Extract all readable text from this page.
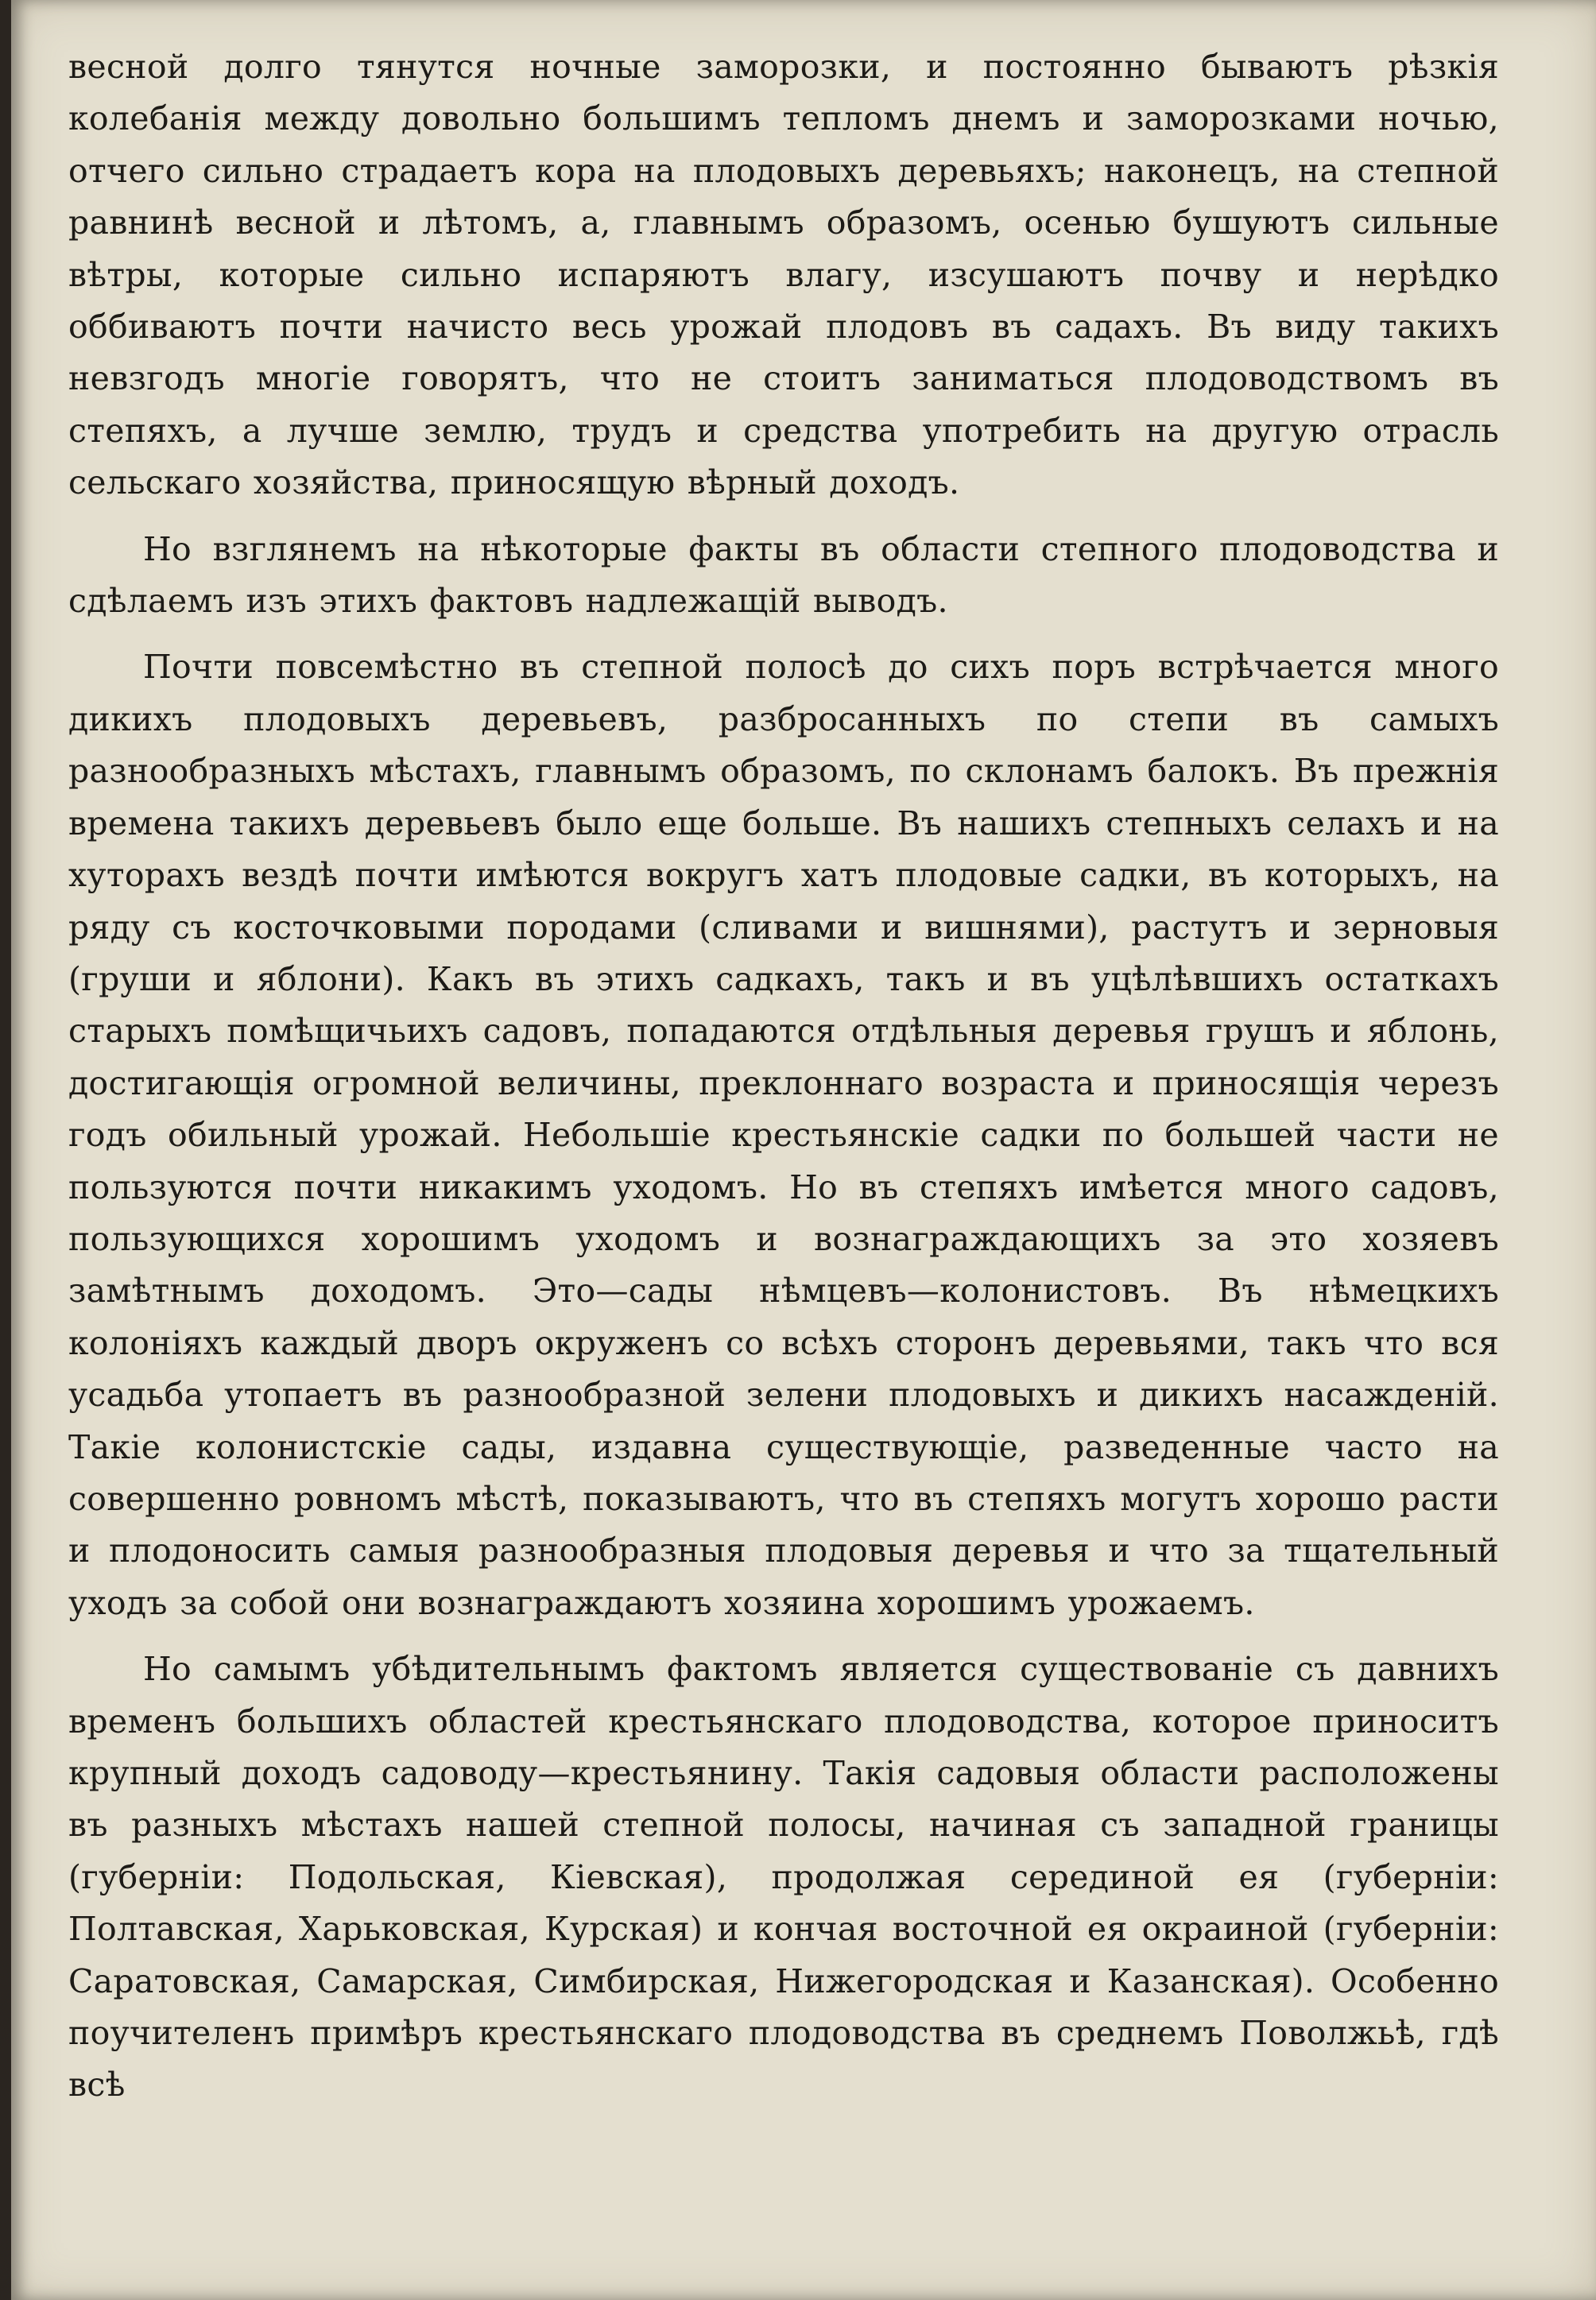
весной долго тянутся ночные заморозки, и постоянно бываютъ рѣзкія колебанія между довольно большимъ тепломъ днемъ и заморозками ночью, отчего сильно страдаетъ кора на плодовыхъ деревьяхъ; наконецъ, на степной равнинѣ весной и лѣтомъ, а, главнымъ образомъ, осенью бушуютъ сильные вѣтры, которые сильно испаряютъ влагу, изсушаютъ почву и нерѣдко оббиваютъ почти начисто весь урожай плодовъ въ садахъ. Въ виду такихъ невзгодъ многіе говорятъ, что не стоитъ заниматься плодоводствомъ въ степяхъ, а лучше землю, трудъ и средства употребить на другую отрасль сельскаго хозяйства, приносящую вѣрный доходъ.

Но взглянемъ на нѣкоторые факты въ области степного плодоводства и сдѣлаемъ изъ этихъ фактовъ надлежащій выводъ.

Почти повсемѣстно въ степной полосѣ до сихъ поръ встрѣчается много дикихъ плодовыхъ деревьевъ, разбросанныхъ по степи въ самыхъ разнообразныхъ мѣстахъ, главнымъ образомъ, по склонамъ балокъ. Въ прежнія времена такихъ деревьевъ было еще больше. Въ нашихъ степныхъ селахъ и на хуторахъ вездѣ почти имѣются вокругъ хатъ плодовые садки, въ которыхъ, на ряду съ косточковыми породами (сливами и вишнями), растутъ и зерновыя (груши и яблони). Какъ въ этихъ садкахъ, такъ и въ уцѣлѣвшихъ остаткахъ старыхъ помѣщичьихъ садовъ, попадаются отдѣльныя деревья грушъ и яблонь, достигающія огромной величины, преклоннаго возраста и приносящія черезъ годъ обильный урожай. Небольшіе крестьянскіе садки по большей части не пользуются почти никакимъ уходомъ. Но въ степяхъ имѣется много садовъ, пользующихся хорошимъ уходомъ и вознаграждающихъ за это хозяевъ замѣтнымъ доходомъ. Это—сады нѣмцевъ—колонистовъ. Въ нѣмецкихъ колоніяхъ каждый дворъ окруженъ со всѣхъ сторонъ деревьями, такъ что вся усадьба утопаетъ въ разнообразной зелени плодовыхъ и дикихъ насажденій. Такіе колонистскіе сады, издавна существующіе, разведенные часто на совершенно ровномъ мѣстѣ, показываютъ, что въ степяхъ могутъ хорошо расти и плодоносить самыя разнообразныя плодовыя деревья и что за тщательный уходъ за собой они вознаграждаютъ хозяина хорошимъ урожаемъ.

Но самымъ убѣдительнымъ фактомъ является существованіе съ давнихъ временъ большихъ областей крестьянскаго плодоводства, которое приноситъ крупный доходъ садоводу—крестьянину. Такія садовыя области расположены въ разныхъ мѣстахъ нашей степной полосы, начиная съ западной границы (губерніи: Подольская, Кіевская), продолжая серединой ея (губерніи: Полтавская, Харьковская, Курская) и кончая восточной ея окраиной (губерніи: Саратовская, Самарская, Симбирская, Нижегородская и Казанская). Особенно поучителенъ примѣръ крестьянскаго плодоводства въ среднемъ Поволжьѣ, гдѣ всѣ
